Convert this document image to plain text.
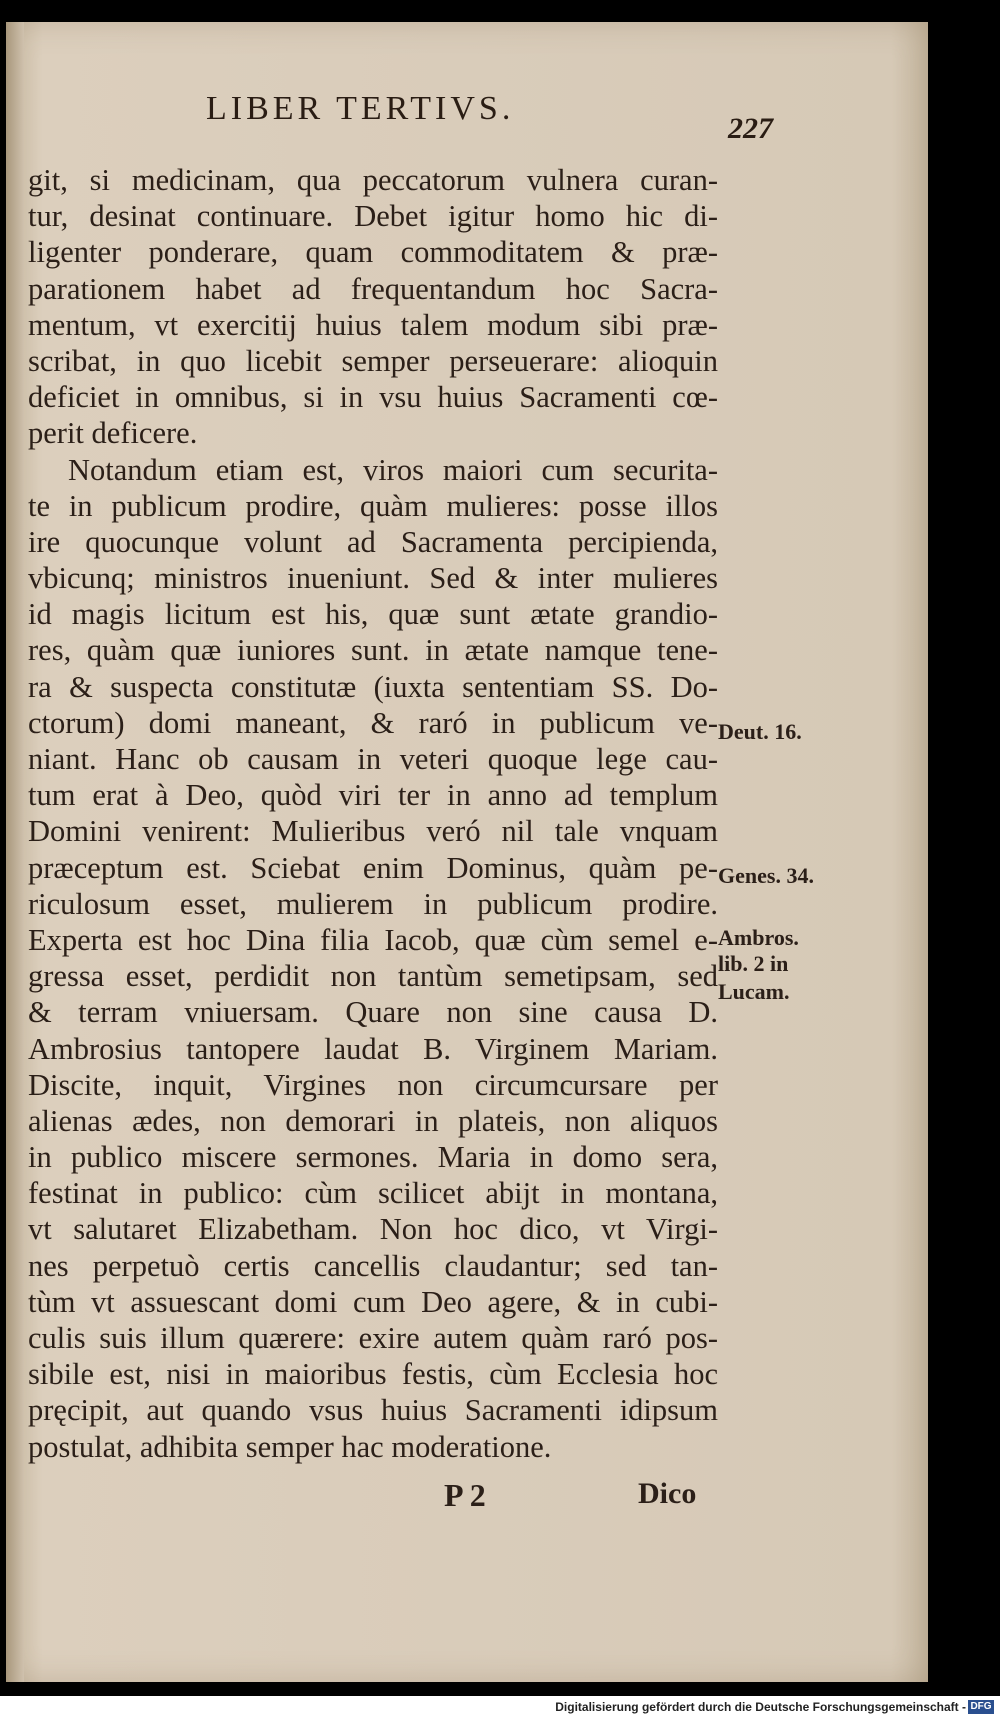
LIBER TERTIVS.
227
git, si medicinam, qua peccatorum vulnera curan-
tur, desinat continuare. Debet igitur homo hic di-
ligenter ponderare, quam commoditatem & præ-
parationem habet ad frequentandum hoc Sacra-
mentum, vt exercitij huius talem modum sibi præ-
scribat, in quo licebit semper perseuerare: alioquin
deficiet in omnibus, si in vsu huius Sacramenti cœ-
perit deficere.
Notandum etiam est, viros maiori cum securita-
te in publicum prodire, quàm mulieres: posse illos
ire quocunque volunt ad Sacramenta percipienda,
vbicunq; ministros inueniunt. Sed & inter mulieres
id magis licitum est his, quæ sunt ætate grandio-
res, quàm quæ iuniores sunt. in ætate namque tene-
ra & suspecta constitutæ (iuxta sententiam SS. Do-
ctorum) domi maneant, & raró in publicum ve-
niant. Hanc ob causam in veteri quoque lege cau-
tum erat à Deo, quòd viri ter in anno ad templum
Domini venirent: Mulieribus veró nil tale vnquam
præceptum est. Sciebat enim Dominus, quàm pe-
riculosum esset, mulierem in publicum prodire.
Experta est hoc Dina filia Iacob, quæ cùm semel e-
gressa esset, perdidit non tantùm semetipsam, sed
& terram vniuersam. Quare non sine causa D.
Ambrosius tantopere laudat B. Virginem Mariam.
Discite, inquit, Virgines non circumcursare per
alienas ædes, non demorari in plateis, non aliquos
in publico miscere sermones. Maria in domo sera,
festinat in publico: cùm scilicet abijt in montana,
vt salutaret Elizabetham. Non hoc dico, vt Virgi-
nes perpetuò certis cancellis claudantur; sed tan-
tùm vt assuescant domi cum Deo agere, & in cubi-
culis suis illum quærere: exire autem quàm raró pos-
sibile est, nisi in maioribus festis, cùm Ecclesia hoc
pręcipit, aut quando vsus huius Sacramenti idipsum
postulat, adhibita semper hac moderatione.
Deut. 16.
Genes. 34.
Ambros.
lib. 2 in
Lucam.
P 2	Dico
Digitalisierung gefördert durch die Deutsche Forschungsgemeinschaft - DFG
